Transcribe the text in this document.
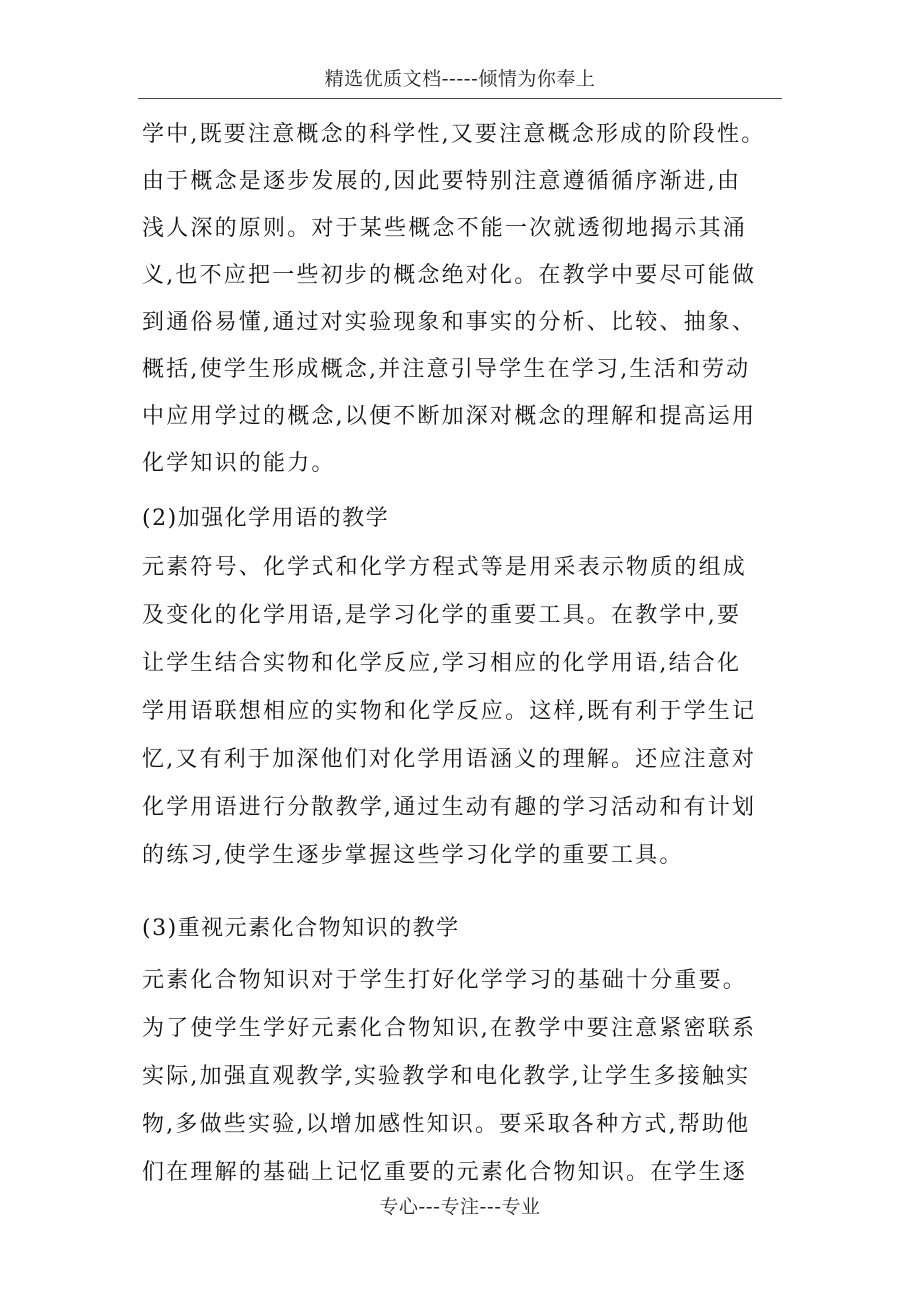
精选优质文档-----倾情为你奉上
学中,既要注意概念的科学性,又要注意概念形成的阶段性。
由于概念是逐步发展的,因此要特别注意遵循循序渐进,由
浅人深的原则。对于某些概念不能一次就透彻地揭示其涌
义,也不应把一些初步的概念绝对化。在教学中要尽可能做
到通俗易懂,通过对实验现象和事实的分析、比较、抽象、
概括,使学生形成概念,并注意引导学生在学习,生活和劳动
中应用学过的概念,以便不断加深对概念的理解和提高运用
化学知识的能力。
(2)加强化学用语的教学
元素符号、化学式和化学方程式等是用采表示物质的组成
及变化的化学用语,是学习化学的重要工具。在教学中,要
让学生结合实物和化学反应,学习相应的化学用语,结合化
学用语联想相应的实物和化学反应。这样,既有利于学生记
忆,又有利于加深他们对化学用语涵义的理解。还应注意对
化学用语进行分散教学,通过生动有趣的学习活动和有计划
的练习,使学生逐步掌握这些学习化学的重要工具。
(3)重视元素化合物知识的教学
元素化合物知识对于学生打好化学学习的基础十分重要。
为了使学生学好元素化合物知识,在教学中要注意紧密联系
实际,加强直观教学,实验教学和电化教学,让学生多接触实
物,多做些实验,以增加感性知识。要采取各种方式,帮助他
们在理解的基础上记忆重要的元素化合物知识。在学生逐
专心---专注---专业
